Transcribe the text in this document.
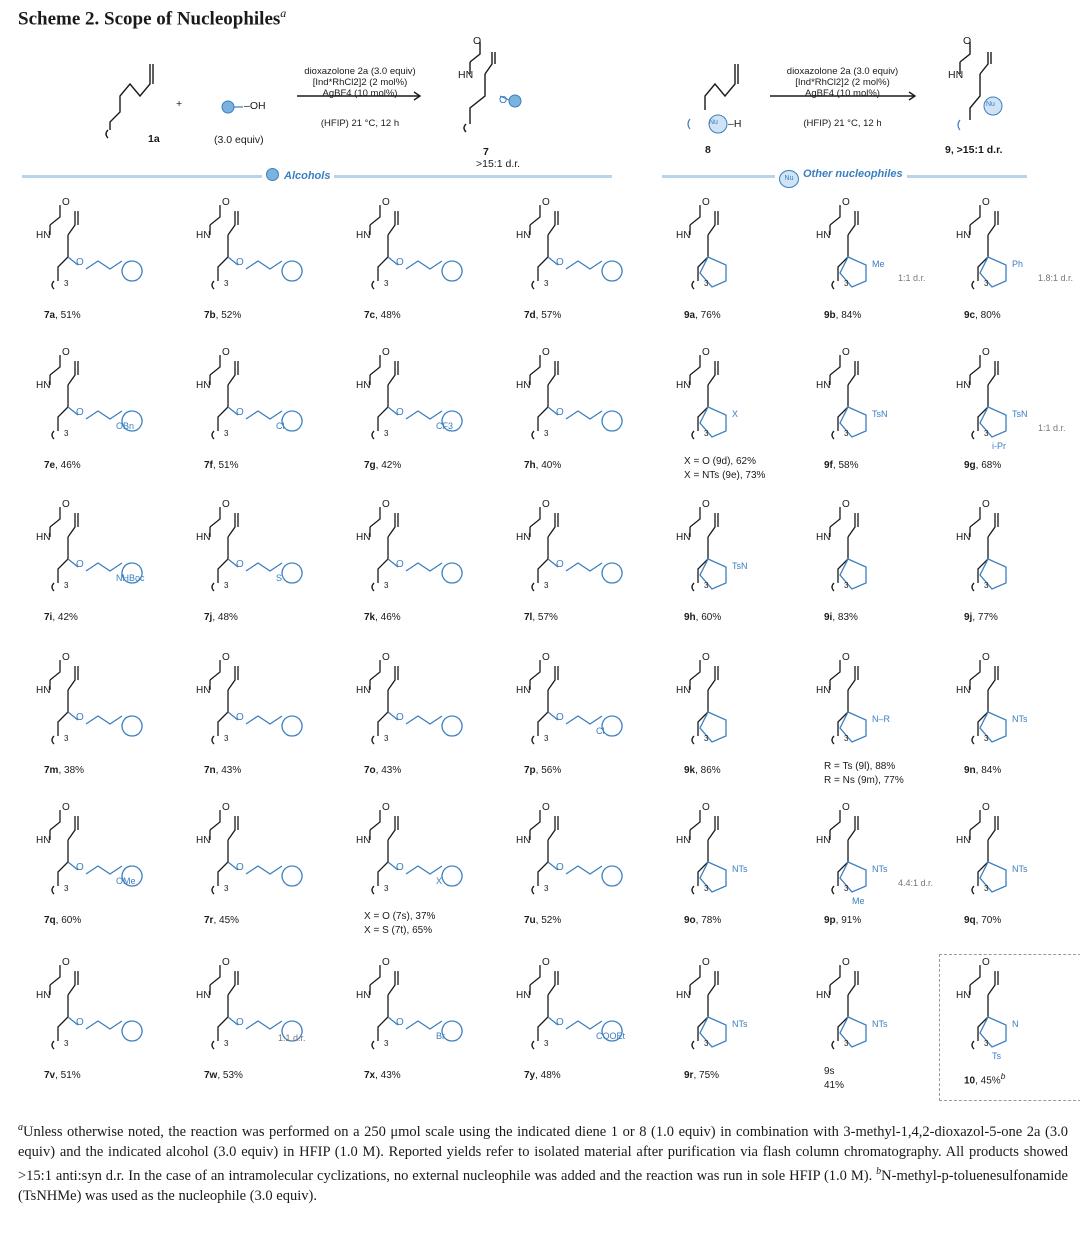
Scheme 2. Scope of Nucleophiles$^a$
1a
+	–OH
(3.0 equiv)
dioxazolone 2a (3.0 equiv)
[Ind*RhCl2]2 (2 mol%)
AgBF4 (10 mol%)
(HFIP) 21 °C, 12 h
HN
O
O
7
>15:1 d.r.
Nu –H
8
dioxazolone 2a (3.0 equiv)
[Ind*RhCl2]2 (2 mol%)
AgBF4 (10 mol%)
(HFIP) 21 °C, 12 h
HN
O
Nu
9, >15:1 d.r.
Alcohols	Nu Other nucleophiles
HN
O
3
O
7a, 51%
HN
O
3
O
7b, 52%
HN
O
3
O
7c, 48%
HN
O
3
O
7d, 57%
HN
O
3
O
OBn
7e, 46%
HN
O
3
O
Cl
7f, 51%
HN
O
3
O
CF3
7g, 42%
HN
O
3
O
7h, 40%
HN
O
3
O
NHBoc
7i, 42%
HN
O
3
O
S
7j, 48%
HN
O
3
O
7k, 46%
HN
O
3
O
7l, 57%
HN
O
3
O
7m, 38%
HN
O
3
O
7n, 43%
HN
O
3
O
7o, 43%
HN
O
3
O
Cl
7p, 56%
HN
O
3
O
OMe
7q, 60%
HN
O
3
O
7r, 45%
HN
O
3
O
X
X = O (7s), 37%
X = S (7t), 65%
HN
O
3
O
7u, 52%
HN
O
3
O
7v, 51%
HN
O
3
O
1:1 d.r.
7w, 53%
HN
O
3
O
Br
7x, 43%
HN
O
3
O
COOEt
7y, 48%
HN
O
3
9a, 76%
HN
O
3
Me
1:1 d.r.
9b, 84%
HN
O
3
Ph
1.8:1 d.r.
9c, 80%
HN
O
3
X
X = O (9d), 62%
X = NTs (9e), 73%
HN
O
3
TsN
9f, 58%
HN
O
3
TsN
i-Pr
1:1 d.r.
9g, 68%
HN
O
3
TsN
9h, 60%
HN
O
3
9i, 83%
HN
O
3
9j, 77%
HN
O
3
9k, 86%
HN
O
3
N–R
R = Ts (9l), 88%
R = Ns (9m), 77%
HN
O
3
NTs
9n, 84%
HN
O
3
NTs
9o, 78%
HN
O
3
NTs
Me
4.4:1 d.r.
9p, 91%
HN
O
3
NTs
9q, 70%
HN
O
3
NTs
9r, 75%
HN
O
3
NTs
9s
41%
HN
O
3
N
Ts
10, 45%$^b$

$^a$Unless otherwise noted, the reaction was performed on a 250 μmol scale using the indicated diene 1 or 8 (1.0 equiv) in combination with 3-methyl-1,4,2-dioxazol-5-one 2a (3.0 equiv) and the indicated alcohol (3.0 equiv) in HFIP (1.0 M). Reported yields refer to isolated material after purification via flash column chromatography. All products showed >15:1 anti:syn d.r. In the case of an intramolecular cyclizations, no external nucleophile was added and the reaction was run in sole HFIP (1.0 M). $^b$N-methyl-p-toluenesulfonamide (TsNHMe) was used as the nucleophile (3.0 equiv).
